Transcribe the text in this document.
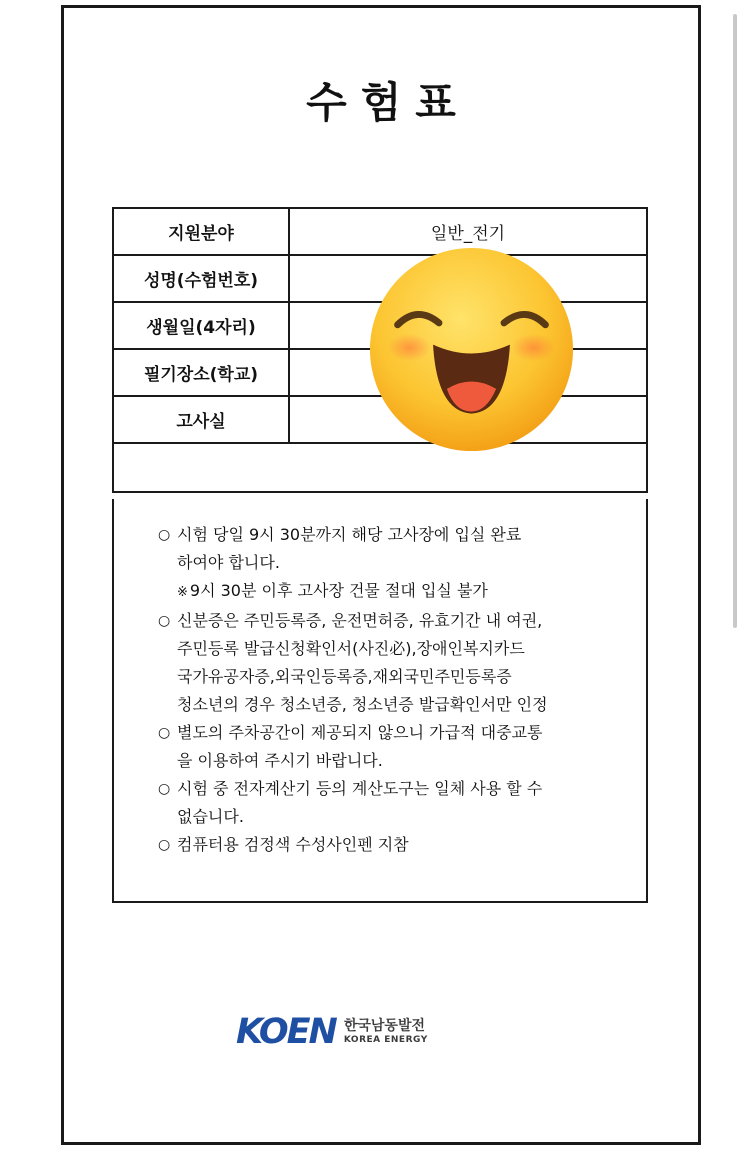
수험표
지원분야	일반_전기
성명(수험번호)	
생월일(4자리)	
필기장소(학교)	
고사실	

○ 시험 당일 9시 30분까지 해당 고사장에 입실 완료
하여야 합니다.
※ 9시 30분 이후 고사장 건물 절대 입실 불가
○ 신분증은 주민등록증, 운전면허증, 유효기간 내 여권,
주민등록 발급신청확인서(사진必),장애인복지카드
국가유공자증,외국인등록증,재외국민주민등록증
청소년의 경우 청소년증, 청소년증 발급확인서만 인정
○ 별도의 주차공간이 제공되지 않으니 가급적 대중교통
을 이용하여 주시기 바랍니다.
○ 시험 중 전자계산기 등의 계산도구는 일체 사용 할 수
없습니다.
○ 컴퓨터용 검정색 수성사인펜 지참
KOEN 한국남동발전
KOREA ENERGY
